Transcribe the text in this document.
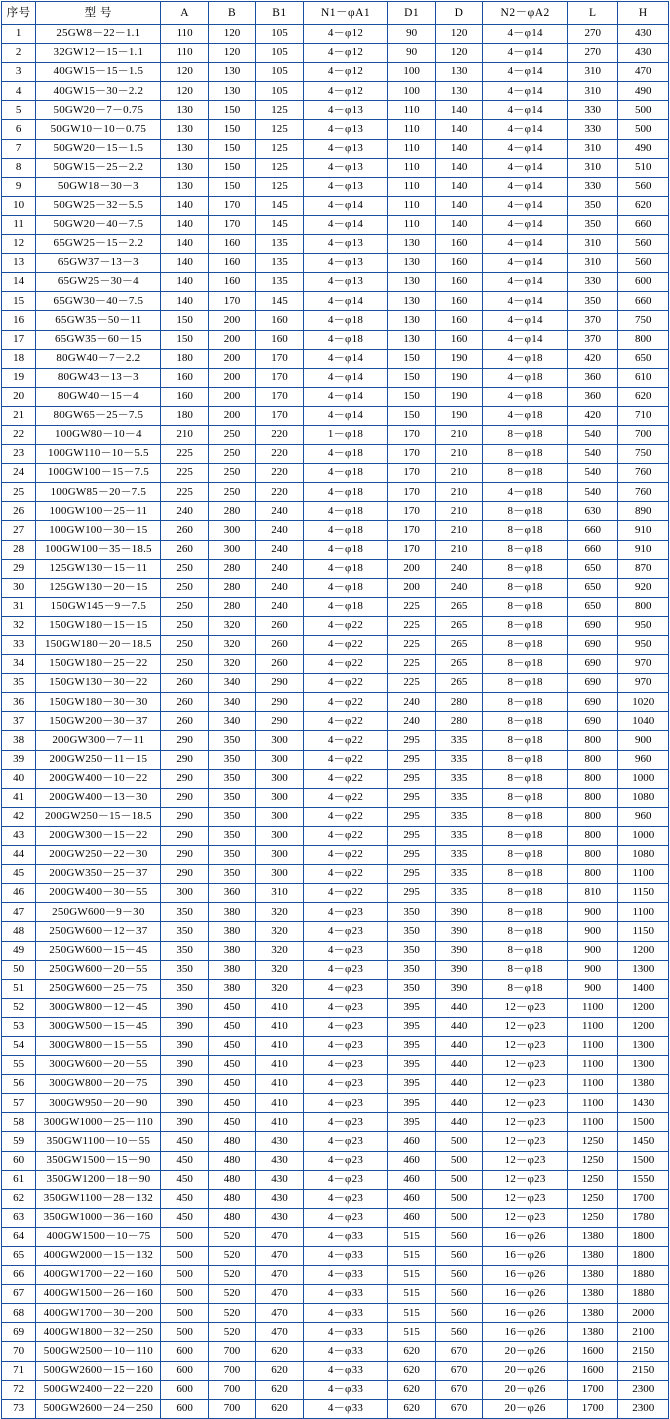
序号	型 号	A	B	B1	N1－φA1	D1	D	N2－φA2	L	H
1	25GW8－22－1.1	110	120	105	4－φ12	90	120	4－φ14	270	430
2	32GW12－15－1.1	110	120	105	4－φ12	90	120	4－φ14	270	430
3	40GW15－15－1.5	120	130	105	4－φ12	100	130	4－φ14	310	470
4	40GW15－30－2.2	120	130	105	4－φ12	100	130	4－φ14	310	490
5	50GW20－7－0.75	130	150	125	4－φ13	110	140	4－φ14	330	500
6	50GW10－10－0.75	130	150	125	4－φ13	110	140	4－φ14	330	500
7	50GW20－15－1.5	130	150	125	4－φ13	110	140	4－φ14	310	490
8	50GW15－25－2.2	130	150	125	4－φ13	110	140	4－φ14	310	510
9	50GW18－30－3	130	150	125	4－φ13	110	140	4－φ14	330	560
10	50GW25－32－5.5	140	170	145	4－φ14	110	140	4－φ14	350	620
11	50GW20－40－7.5	140	170	145	4－φ14	110	140	4－φ14	350	660
12	65GW25－15－2.2	140	160	135	4－φ13	130	160	4－φ14	310	560
13	65GW37－13－3	140	160	135	4－φ13	130	160	4－φ14	310	560
14	65GW25－30－4	140	160	135	4－φ13	130	160	4－φ14	330	600
15	65GW30－40－7.5	140	170	145	4－φ14	130	160	4－φ14	350	660
16	65GW35－50－11	150	200	160	4－φ18	130	160	4－φ14	370	750
17	65GW35－60－15	150	200	160	4－φ18	130	160	4－φ14	370	800
18	80GW40－7－2.2	180	200	170	4－φ14	150	190	4－φ18	420	650
19	80GW43－13－3	160	200	170	4－φ14	150	190	4－φ18	360	610
20	80GW40－15－4	160	200	170	4－φ14	150	190	4－φ18	360	620
21	80GW65－25－7.5	180	200	170	4－φ14	150	190	4－φ18	420	710
22	100GW80－10－4	210	250	220	1－φ18	170	210	8－φ18	540	700
23	100GW110－10－5.5	225	250	220	4－φ18	170	210	8－φ18	540	750
24	100GW100－15－7.5	225	250	220	4－φ18	170	210	8－φ18	540	760
25	100GW85－20－7.5	225	250	220	4－φ18	170	210	4－φ18	540	760
26	100GW100－25－11	240	280	240	4－φ18	170	210	8－φ18	630	890
27	100GW100－30－15	260	300	240	4－φ18	170	210	8－φ18	660	910
28	100GW100－35－18.5	260	300	240	4－φ18	170	210	8－φ18	660	910
29	125GW130－15－11	250	280	240	4－φ18	200	240	8－φ18	650	870
30	125GW130－20－15	250	280	240	4－φ18	200	240	8－φ18	650	920
31	150GW145－9－7.5	250	280	240	4－φ18	225	265	8－φ18	650	800
32	150GW180－15－15	250	320	260	4－φ22	225	265	8－φ18	690	950
33	150GW180－20－18.5	250	320	260	4－φ22	225	265	8－φ18	690	950
34	150GW180－25－22	250	320	260	4－φ22	225	265	8－φ18	690	970
35	150GW130－30－22	260	340	290	4－φ22	225	265	8－φ18	690	970
36	150GW180－30－30	260	340	290	4－φ22	240	280	8－φ18	690	1020
37	150GW200－30－37	260	340	290	4－φ22	240	280	8－φ18	690	1040
38	200GW300－7－11	290	350	300	4－φ22	295	335	8－φ18	800	900
39	200GW250－11－15	290	350	300	4－φ22	295	335	8－φ18	800	960
40	200GW400－10－22	290	350	300	4－φ22	295	335	8－φ18	800	1000
41	200GW400－13－30	290	350	300	4－φ22	295	335	8－φ18	800	1080
42	200GW250－15－18.5	290	350	300	4－φ22	295	335	8－φ18	800	960
43	200GW300－15－22	290	350	300	4－φ22	295	335	8－φ18	800	1000
44	200GW250－22－30	290	350	300	4－φ22	295	335	8－φ18	800	1080
45	200GW350－25－37	290	350	300	4－φ22	295	335	8－φ18	800	1100
46	200GW400－30－55	300	360	310	4－φ22	295	335	8－φ18	810	1150
47	250GW600－9－30	350	380	320	4－φ23	350	390	8－φ18	900	1100
48	250GW600－12－37	350	380	320	4－φ23	350	390	8－φ18	900	1150
49	250GW600－15－45	350	380	320	4－φ23	350	390	8－φ18	900	1200
50	250GW600－20－55	350	380	320	4－φ23	350	390	8－φ18	900	1300
51	250GW600－25－75	350	380	320	4－φ23	350	390	8－φ18	900	1400
52	300GW800－12－45	390	450	410	4－φ23	395	440	12－φ23	1100	1200
53	300GW500－15－45	390	450	410	4－φ23	395	440	12－φ23	1100	1200
54	300GW800－15－55	390	450	410	4－φ23	395	440	12－φ23	1100	1300
55	300GW600－20－55	390	450	410	4－φ23	395	440	12－φ23	1100	1300
56	300GW800－20－75	390	450	410	4－φ23	395	440	12－φ23	1100	1380
57	300GW950－20－90	390	450	410	4－φ23	395	440	12－φ23	1100	1430
58	300GW1000－25－110	390	450	410	4－φ23	395	440	12－φ23	1100	1500
59	350GW1100－10－55	450	480	430	4－φ23	460	500	12－φ23	1250	1450
60	350GW1500－15－90	450	480	430	4－φ23	460	500	12－φ23	1250	1500
61	350GW1200－18－90	450	480	430	4－φ23	460	500	12－φ23	1250	1550
62	350GW1100－28－132	450	480	430	4－φ23	460	500	12－φ23	1250	1700
63	350GW1000－36－160	450	480	430	4－φ23	460	500	12－φ23	1250	1780
64	400GW1500－10－75	500	520	470	4－φ33	515	560	16－φ26	1380	1800
65	400GW2000－15－132	500	520	470	4－φ33	515	560	16－φ26	1380	1800
66	400GW1700－22－160	500	520	470	4－φ33	515	560	16－φ26	1380	1880
67	400GW1500－26－160	500	520	470	4－φ33	515	560	16－φ26	1380	1880
68	400GW1700－30－200	500	520	470	4－φ33	515	560	16－φ26	1380	2000
69	400GW1800－32－250	500	520	470	4－φ33	515	560	16－φ26	1380	2100
70	500GW2500－10－110	600	700	620	4－φ33	620	670	20－φ26	1600	2150
71	500GW2600－15－160	600	700	620	4－φ33	620	670	20－φ26	1600	2150
72	500GW2400－22－220	600	700	620	4－φ33	620	670	20－φ26	1700	2300
73	500GW2600－24－250	600	700	620	4－φ33	620	670	20－φ26	1700	2300
